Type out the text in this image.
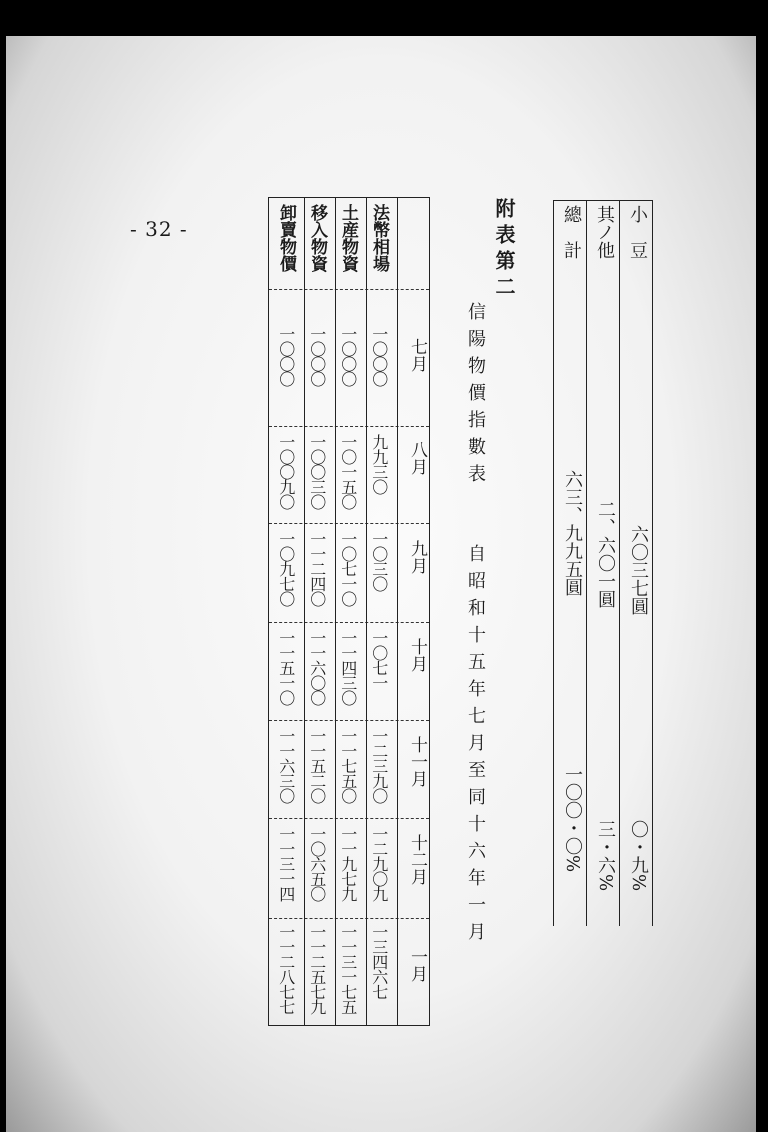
- 32 -	小　豆
六〇三七圓
〇・九%
其ノ他
二、六〇一圓
三・六%
總　計
六三、九九五圓
一〇〇・〇%
附表第二
信陽物價指數表
自昭和十五年七月至同十六年一月
法幣相場
土産物資
移入物資
卸賣物價
七月
八月
九月
十月
十一月
十二月
一月
一〇〇〇
九九三〇
一〇三〇
一〇七一
一二三九〇
一二九〇九
一三四六七
一〇〇〇
一〇一五〇
一〇七一〇
一一四三〇
一一七五〇
一一九七九
一一三一七五
一〇〇〇
一〇〇三〇
一一二四〇
一一六〇〇
一一五二〇
一〇六五〇
一一二五七九
一〇〇〇
一〇〇九〇
一〇九七〇
一一五一〇
一一六三〇
一一三一四
一一二八七七
